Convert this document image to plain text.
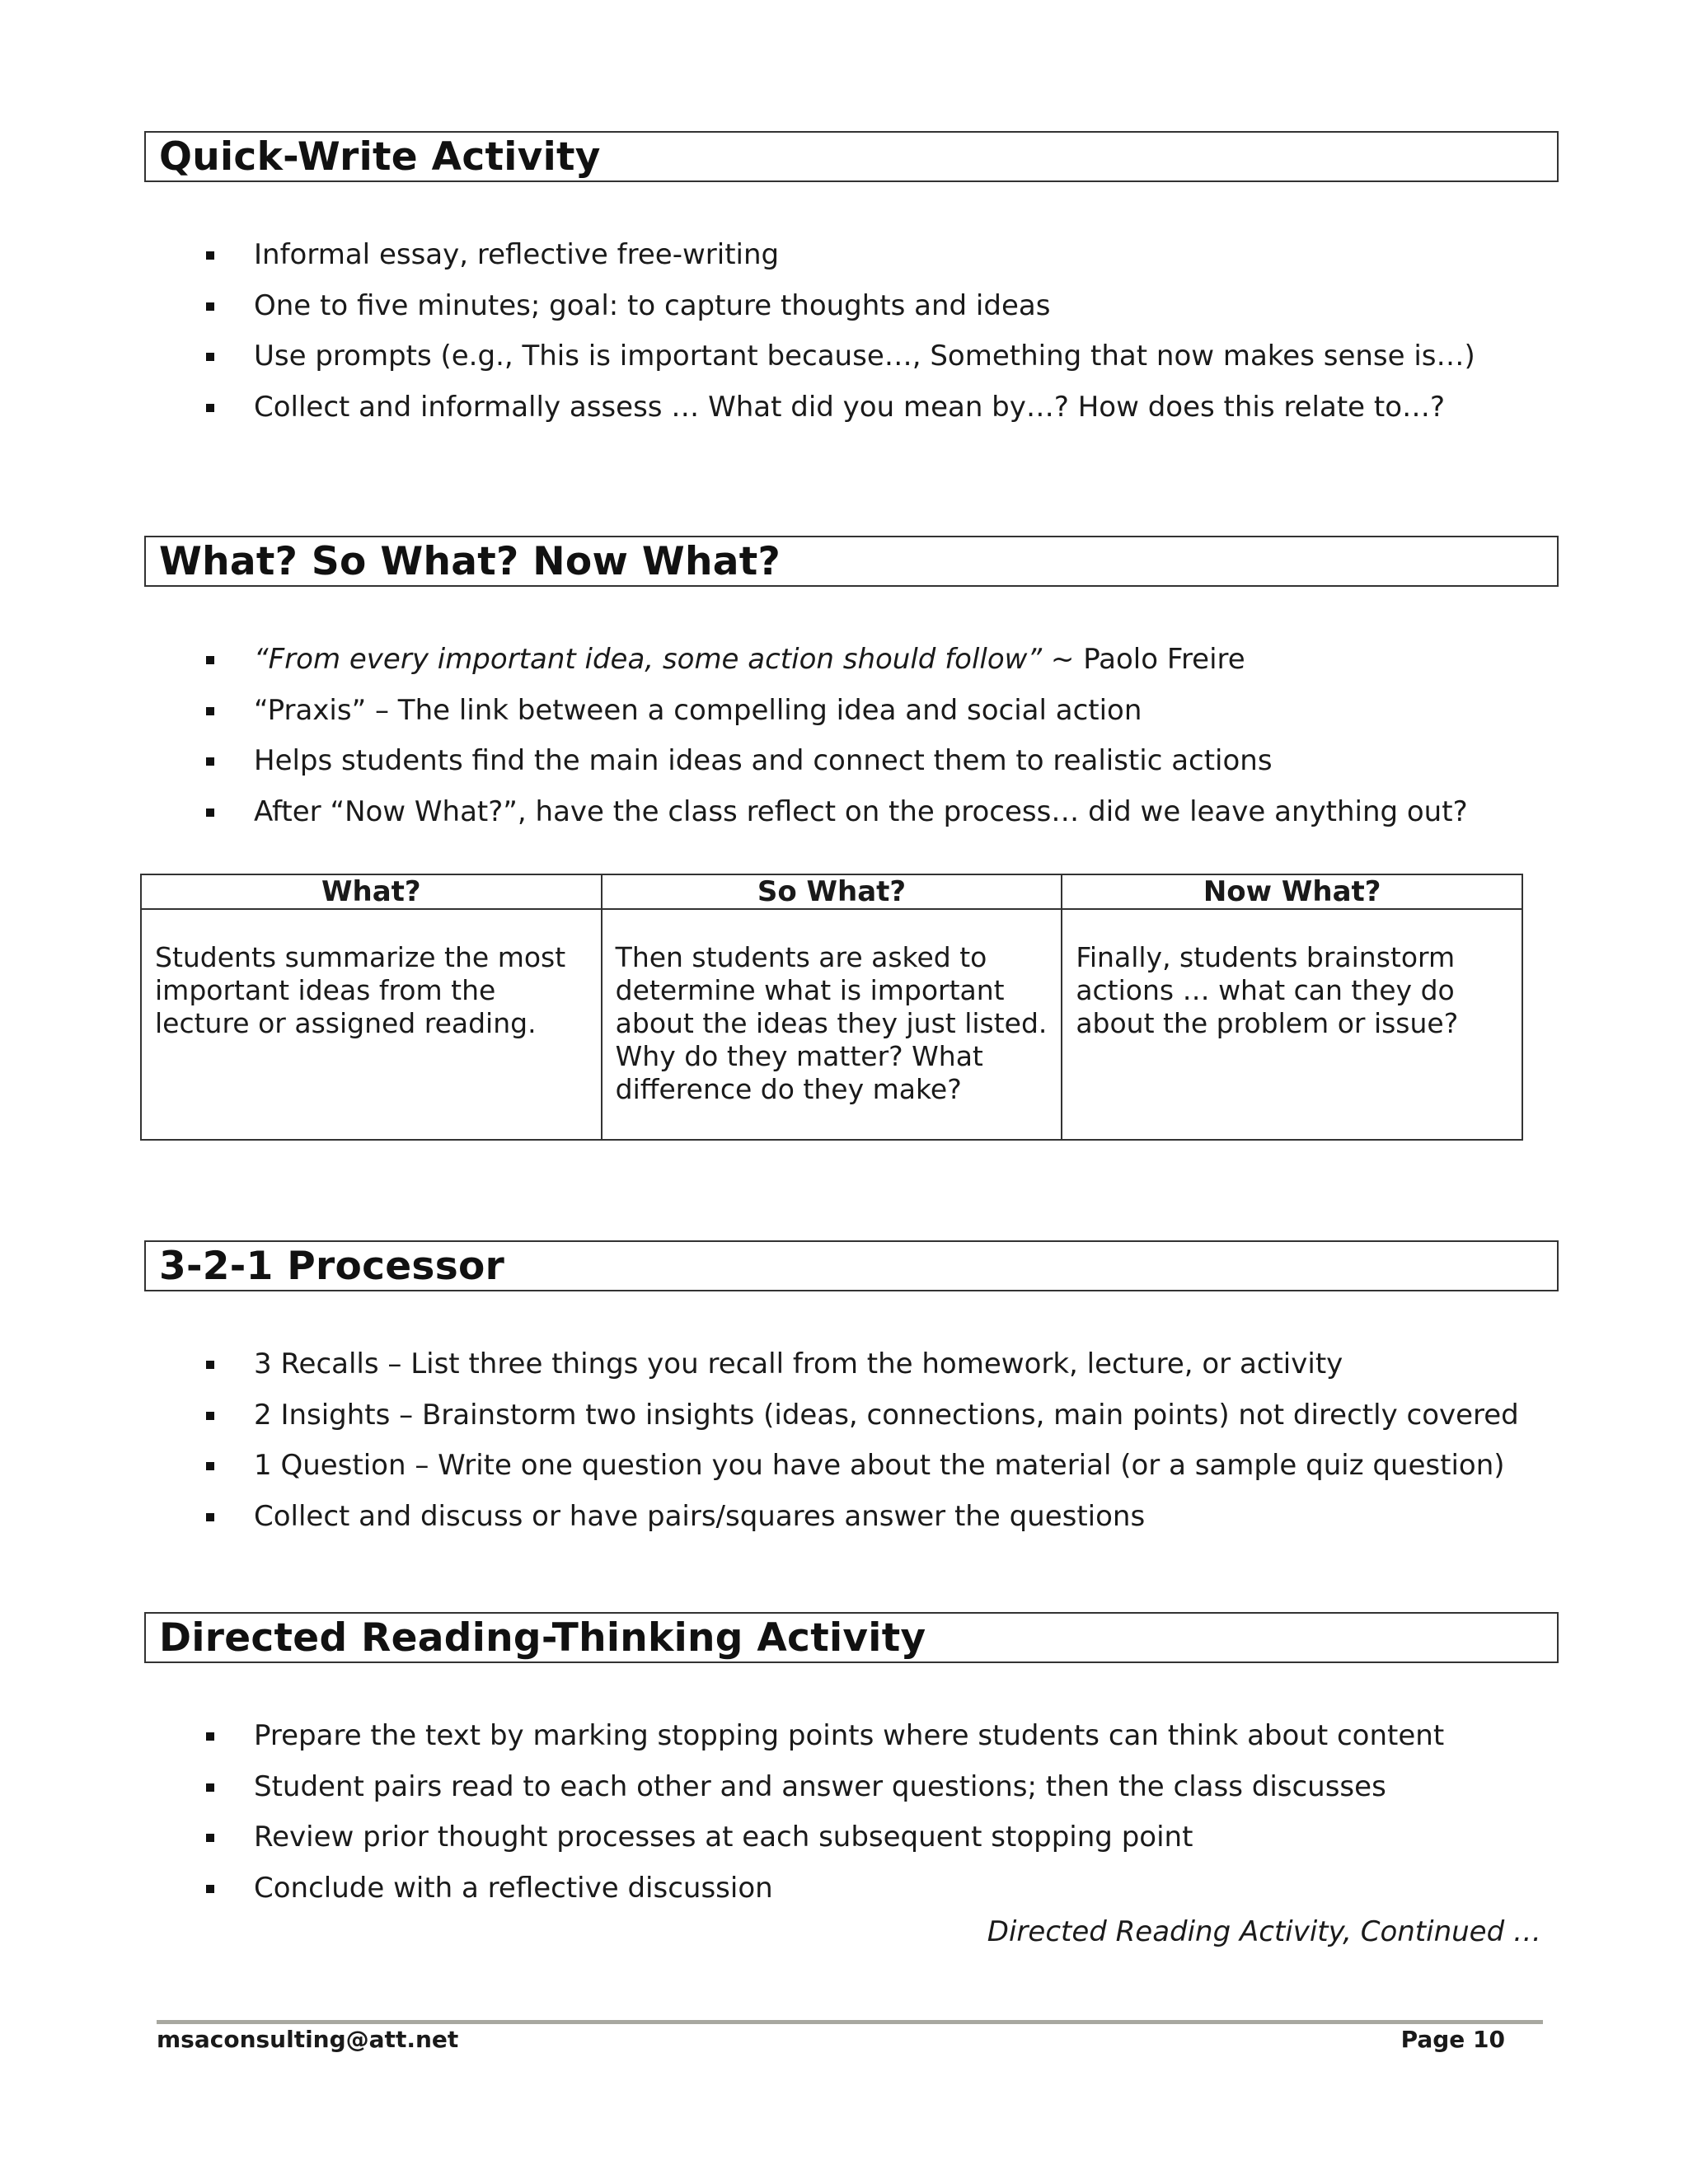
Quick-Write Activity
Informal essay, reflective free-writing
One to five minutes; goal: to capture thoughts and ideas
Use prompts (e.g., This is important because…, Something that now makes sense is…)
Collect and informally assess … What did you mean by…? How does this relate to…?
What? So What? Now What?
“From every important idea, some action should follow” ~ Paolo Freire
“Praxis” – The link between a compelling idea and social action
Helps students find the main ideas and connect them to realistic actions
After “Now What?”, have the class reflect on the process… did we leave anything out?
What?	So What?	Now What?
Students summarize the most important ideas from the lecture or assigned reading.	Then students are asked to determine what is important about the ideas they just listed. Why do they matter? What difference do they make?	Finally, students brainstorm actions … what can they do about the problem or issue?
3-2-1 Processor
3 Recalls – List three things you recall from the homework, lecture, or activity
2 Insights – Brainstorm two insights (ideas, connections, main points) not directly covered
1 Question – Write one question you have about the material (or a sample quiz question)
Collect and discuss or have pairs/squares answer the questions
Directed Reading-Thinking Activity
Prepare the text by marking stopping points where students can think about content
Student pairs read to each other and answer questions; then the class discusses
Review prior thought processes at each subsequent stopping point
Conclude with a reflective discussion
Directed Reading Activity, Continued …
msaconsulting@att.net	Page 10
